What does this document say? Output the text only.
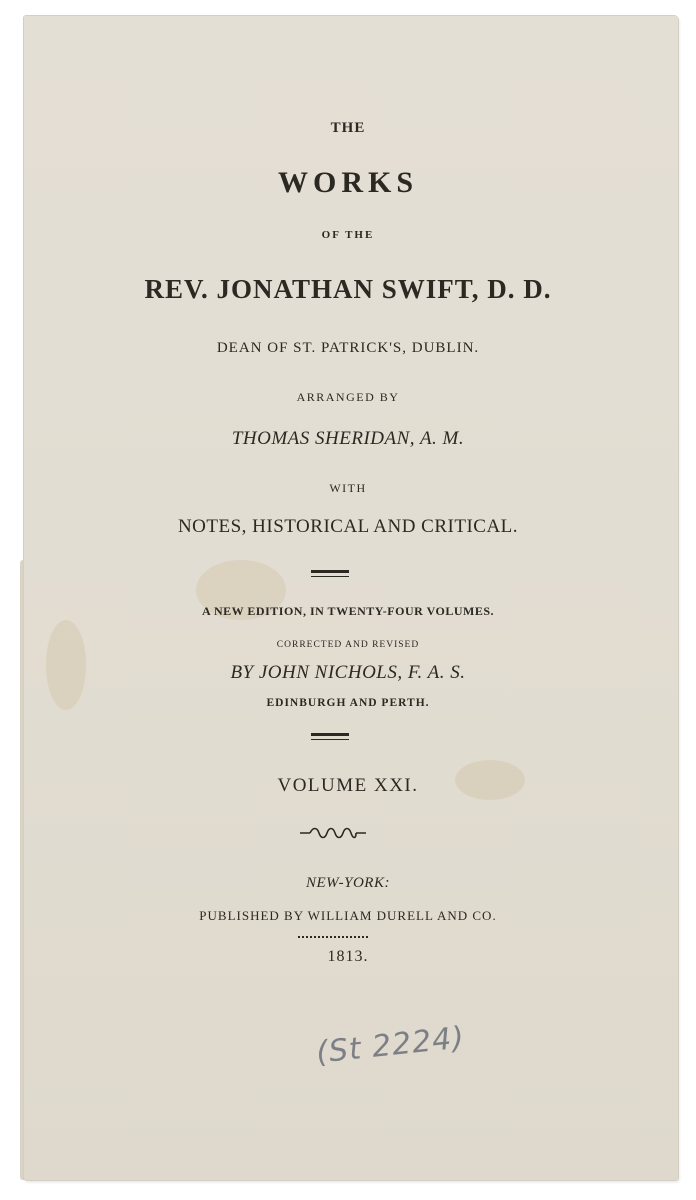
THE
WORKS
OF THE
REV. JONATHAN SWIFT, D. D.
DEAN OF ST. PATRICK'S, DUBLIN.
ARRANGED BY
THOMAS SHERIDAN, A. M.
WITH
NOTES, HISTORICAL AND CRITICAL.
A NEW EDITION, IN TWENTY-FOUR VOLUMES.
CORRECTED AND REVISED
BY JOHN NICHOLS, F. A. S.
EDINBURGH AND PERTH.
VOLUME XXI.
NEW-YORK:
PUBLISHED BY WILLIAM DURELL AND CO.
1813.
(St 2224)
